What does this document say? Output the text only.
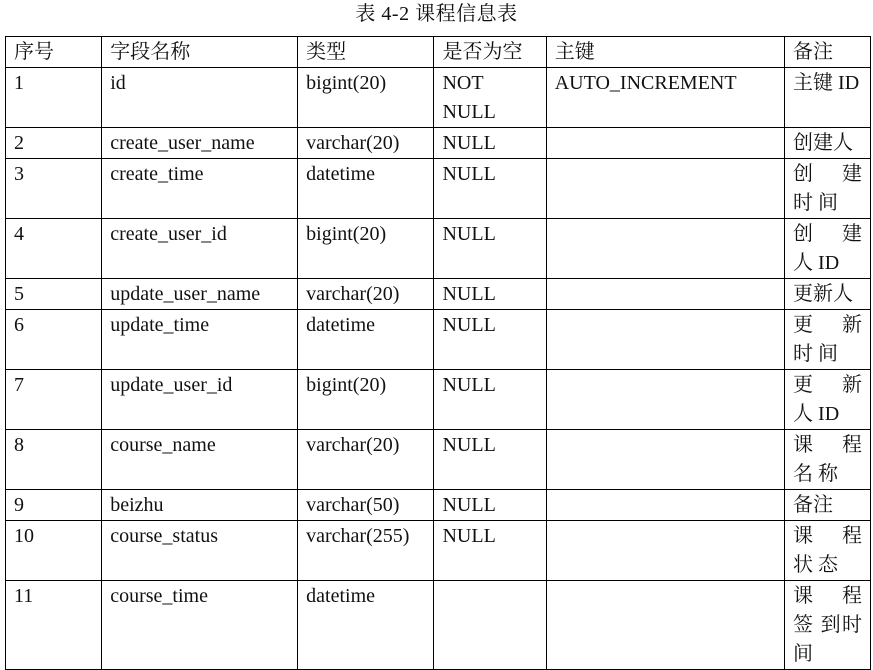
表 4-2 课程信息表
序号	字段名称	类型	是否为空	主键	备注
1	id	bigint(20)	NOT NULL	AUTO_INCREMENT	主键 ID
2	create_user_name	varchar(20)	NULL		创建人
3	create_time	datetime	NULL		创 建 时 间
4	create_user_id	bigint(20)	NULL		创 建 人 ID
5	update_user_name	varchar(20)	NULL		更新人
6	update_time	datetime	NULL		更 新 时 间
7	update_user_id	bigint(20)	NULL		更 新 人 ID
8	course_name	varchar(20)	NULL		课 程 名 称
9	beizhu	varchar(50)	NULL		备注
10	course_status	varchar(255)	NULL		课 程 状 态
11	course_time	datetime			课 程 签 到时间
